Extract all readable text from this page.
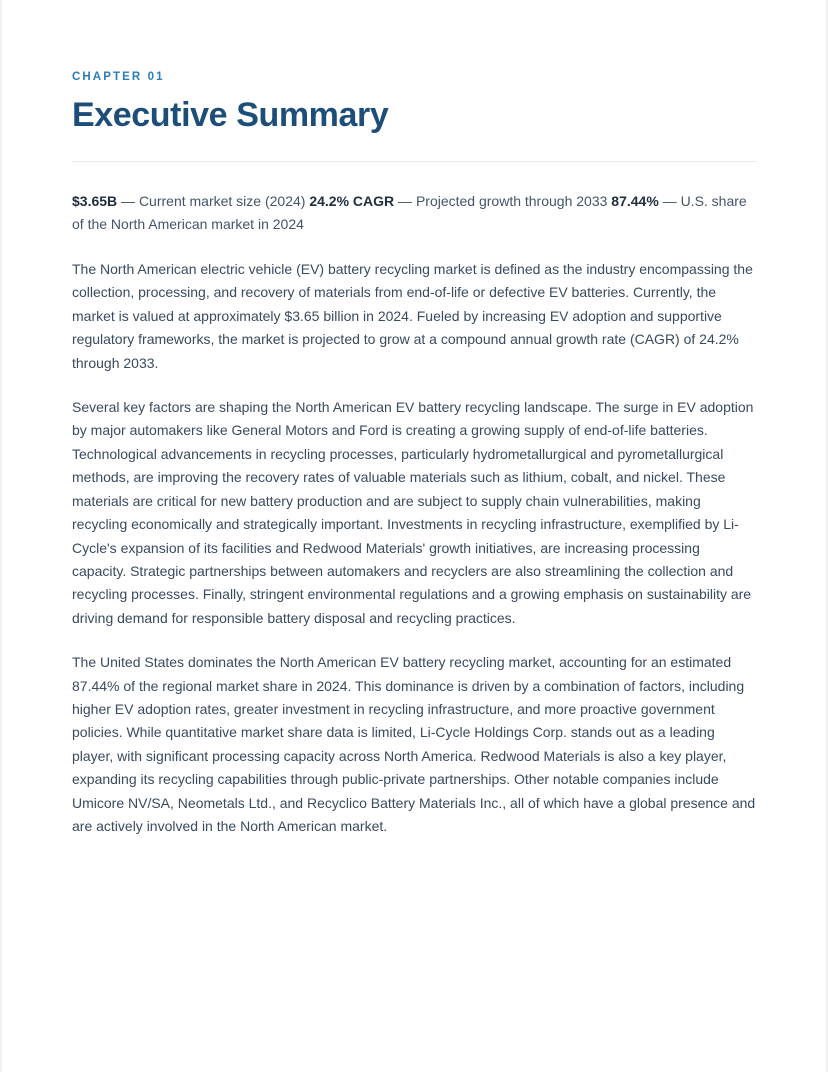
CHAPTER 01
Executive Summary
$3.65B — Current market size (2024) 24.2% CAGR — Projected growth through 2033 87.44% — U.S. share of the North American market in 2024

The North American electric vehicle (EV) battery recycling market is defined as the industry encompassing the collection, processing, and recovery of materials from end-of-life or defective EV batteries. Currently, the market is valued at approximately $3.65 billion in 2024. Fueled by increasing EV adoption and supportive regulatory frameworks, the market is projected to grow at a compound annual growth rate (CAGR) of 24.2% through 2033.

Several key factors are shaping the North American EV battery recycling landscape. The surge in EV adoption by major automakers like General Motors and Ford is creating a growing supply of end-of-life batteries. Technological advancements in recycling processes, particularly hydrometallurgical and pyrometallurgical methods, are improving the recovery rates of valuable materials such as lithium, cobalt, and nickel. These materials are critical for new battery production and are subject to supply chain vulnerabilities, making recycling economically and strategically important. Investments in recycling infrastructure, exemplified by Li-Cycle's expansion of its facilities and Redwood Materials' growth initiatives, are increasing processing capacity. Strategic partnerships between automakers and recyclers are also streamlining the collection and recycling processes. Finally, stringent environmental regulations and a growing emphasis on sustainability are driving demand for responsible battery disposal and recycling practices.

The United States dominates the North American EV battery recycling market, accounting for an estimated 87.44% of the regional market share in 2024. This dominance is driven by a combination of factors, including higher EV adoption rates, greater investment in recycling infrastructure, and more proactive government policies. While quantitative market share data is limited, Li-Cycle Holdings Corp. stands out as a leading player, with significant processing capacity across North America. Redwood Materials is also a key player, expanding its recycling capabilities through public-private partnerships. Other notable companies include Umicore NV/SA, Neometals Ltd., and Recyclico Battery Materials Inc., all of which have a global presence and are actively involved in the North American market.
